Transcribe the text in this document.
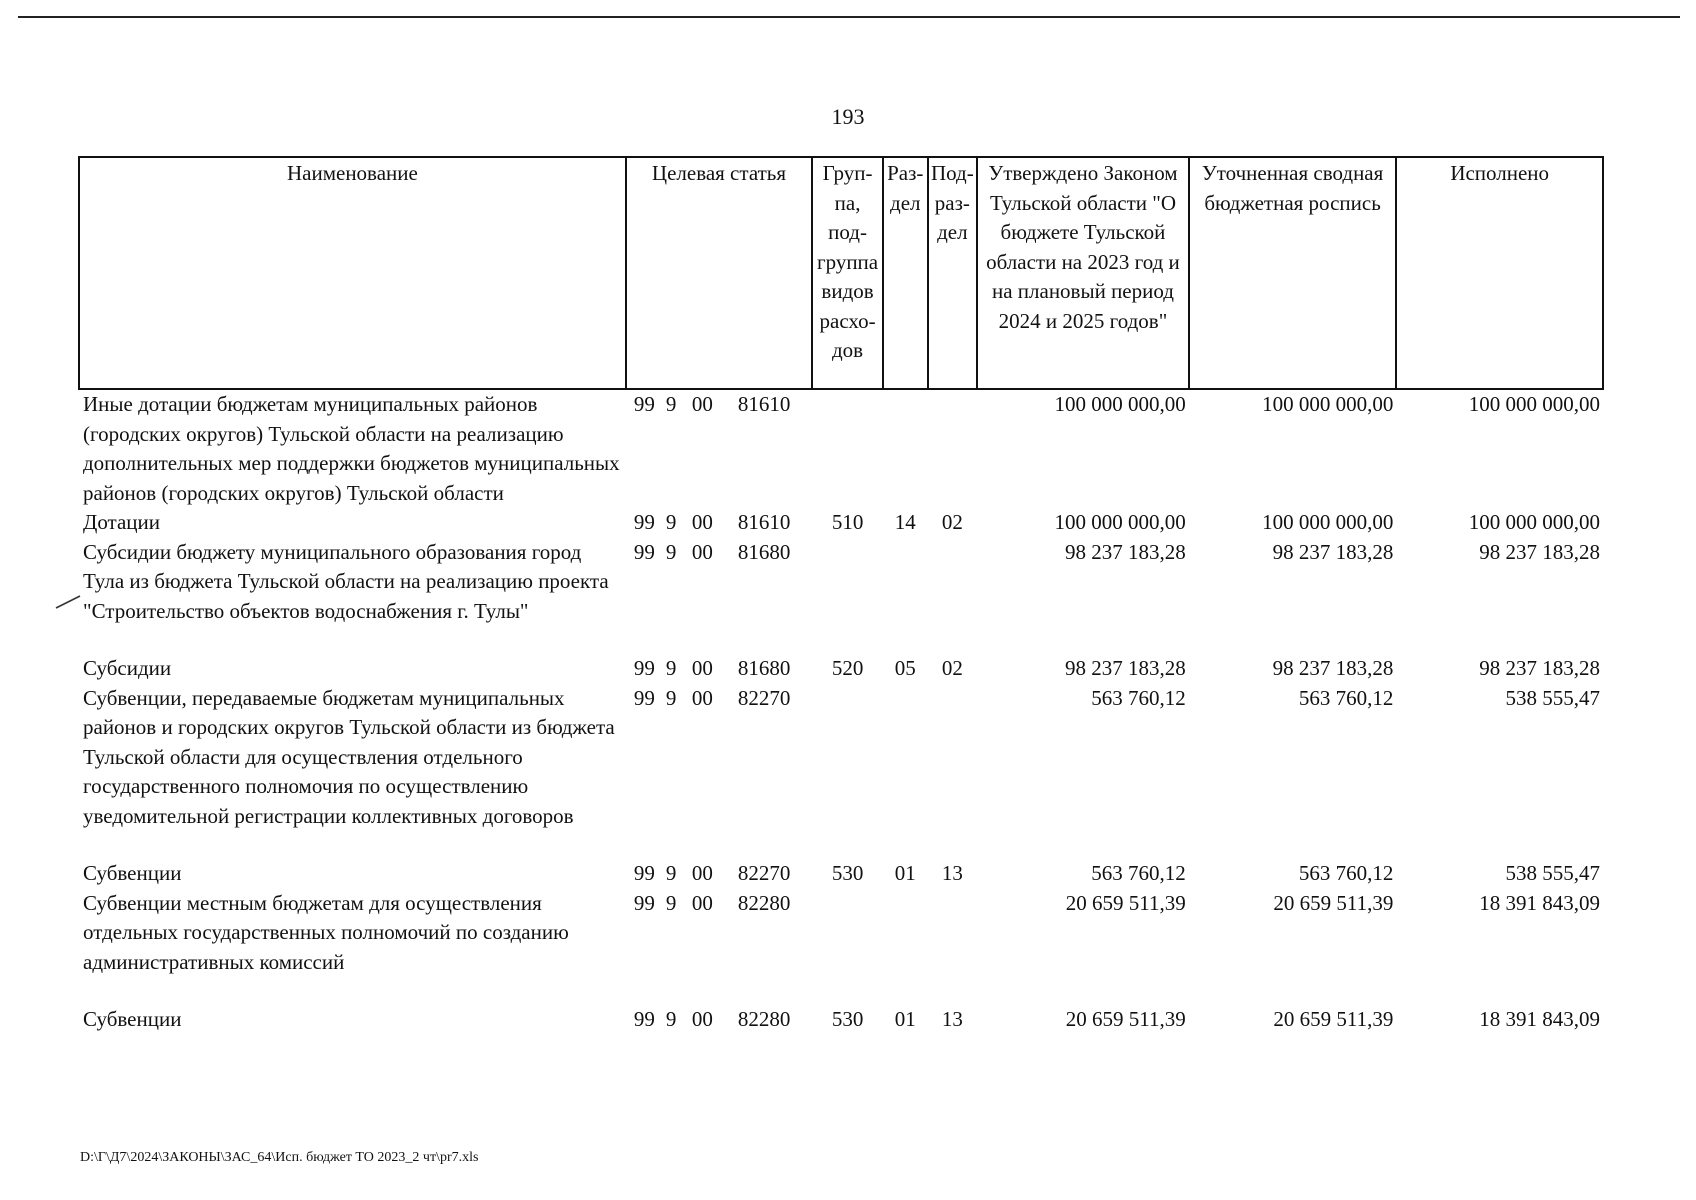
193
Наименование	Целевая статья	Груп-па, под-группа видов расхо-дов	Раз-дел	Под-раз-дел	Утверждено Законом Тульской области "О бюджете Тульской области на 2023 год и на плановый период 2024 и 2025 годов"	Уточненная сводная бюджетная роспись	Исполнено
Иные дотации бюджетам муниципальных районов (городских округов) Тульской области на реализацию дополнительных мер поддержки бюджетов муниципальных районов (городских округов) Тульской области	99 9 00 81610				100 000 000,00	100 000 000,00	100 000 000,00
Дотации	99 9 00 81610	510	14	02	100 000 000,00	100 000 000,00	100 000 000,00
Субсидии бюджету муниципального образования город Тула из бюджета Тульской области на реализацию проекта "Строительство объектов водоснабжения г. Тулы"	99 9 00 81680				98 237 183,28	98 237 183,28	98 237 183,28
Субсидии	99 9 00 81680	520	05	02	98 237 183,28	98 237 183,28	98 237 183,28
Субвенции, передаваемые бюджетам муниципальных районов и городских округов Тульской области из бюджета Тульской области для осуществления отдельного государственного полномочия по осуществлению уведомительной регистрации коллективных договоров	99 9 00 82270				563 760,12	563 760,12	538 555,47
Субвенции	99 9 00 82270	530	01	13	563 760,12	563 760,12	538 555,47
Субвенции местным бюджетам для осуществления отдельных государственных полномочий по созданию административных комиссий	99 9 00 82280				20 659 511,39	20 659 511,39	18 391 843,09
Субвенции	99 9 00 82280	530	01	13	20 659 511,39	20 659 511,39	18 391 843,09
D:\Г\Д7\2024\ЗАКОНЫ\ЗАС_64\Исп. бюджет ТО 2023_2 чт\pr7.xls
